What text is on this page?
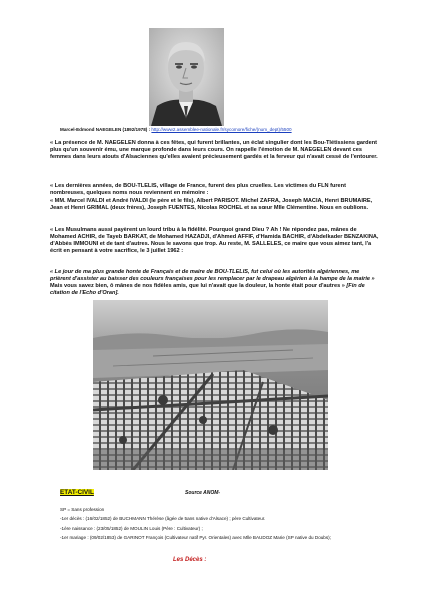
Marcel-Edmond NAEGELEN (1892/1978) : http://www2.assemblee-nationale.fr/sycomore/fiche/(num_dept)/5500
« La présence de M. NAEGELEN donna à ces fêtes, qui furent brillantes, un éclat singulier dont les Bou-Tlétissiens gardent plus qu'un souvenir ému, une marque profonde dans leurs cours. On rappelle l'émotion de M. NAEGELEN devant ces femmes dans leurs atouts d'Alsaciennes qu'elles avaient précieusement gardés et la ferveur qui n'avait cessé de l'entourer.
« Les dernières années, de BOU-TLELIS, village de France, furent des plus cruelles. Les victimes du FLN furent nombreuses, quelques noms nous reviennent en mémoire :
« MM. Marcel IVALDI et André IVALDI (le père et le fils), Albert PARISOT. Michel ZAFRA, Joseph MACIA, Henri BRUMAIRE, Jean et Henri GRIMAL (deux frères), Joseph FUENTES, Nicolas ROCHEL et sa sœur Mlle Clémentine. Nous en oublions.
« Les Musulmans aussi payèrent un lourd tribu à la fidélité. Pourquoi grand Dieu ? Ah ! Ne répondez pas, mânes de Mohamed ACHIR, de Tayeb BARKAT, de Mohamed HAZADJI, d'Ahmed AFFIF, d'Hamida BACHIR, d'Abdelkader BENZAKINA, d'Abbès IMMOUNI et de tant d'autres. Nous le savons que trop. Au reste, M. SALLELES, ce maire que vous aimez tant, l'a écrit en pensant à votre sacrifice, le 3 juillet 1962 :
« Le jour de ma plus grande honte de Français et de maire de BOU-TLELIS, fut celui où les autorités algériennes, me prièrent d'assister au baisser des couleurs françaises pour les remplacer par le drapeau algérien à la hampe de la mairie »
Mais vous savez bien, ô mânes de nos fidèles amis, que lui n'avait que la douleur, la honte était pour d'autres » [Fin de citation de l'Echo d'Oran].
ETAT-CIVIL	Source ANOM-
SP = Sans profession
-1er décès : (16/02/1852) de BUCHMANN Thérèse (âgée de 5ans native d'Alsace) ; père Cultivateur.
-1ère naissance : (23/05/1852) de MOULIN Louis (Père : Cultivateur) ;
-1er mariage : (09/02/1853) de GARINOT François (Cultivateur natif Pyr. Orientales) avec Mlle BAUDOZ Marie (SP native du Doubs);
Les Décès :
